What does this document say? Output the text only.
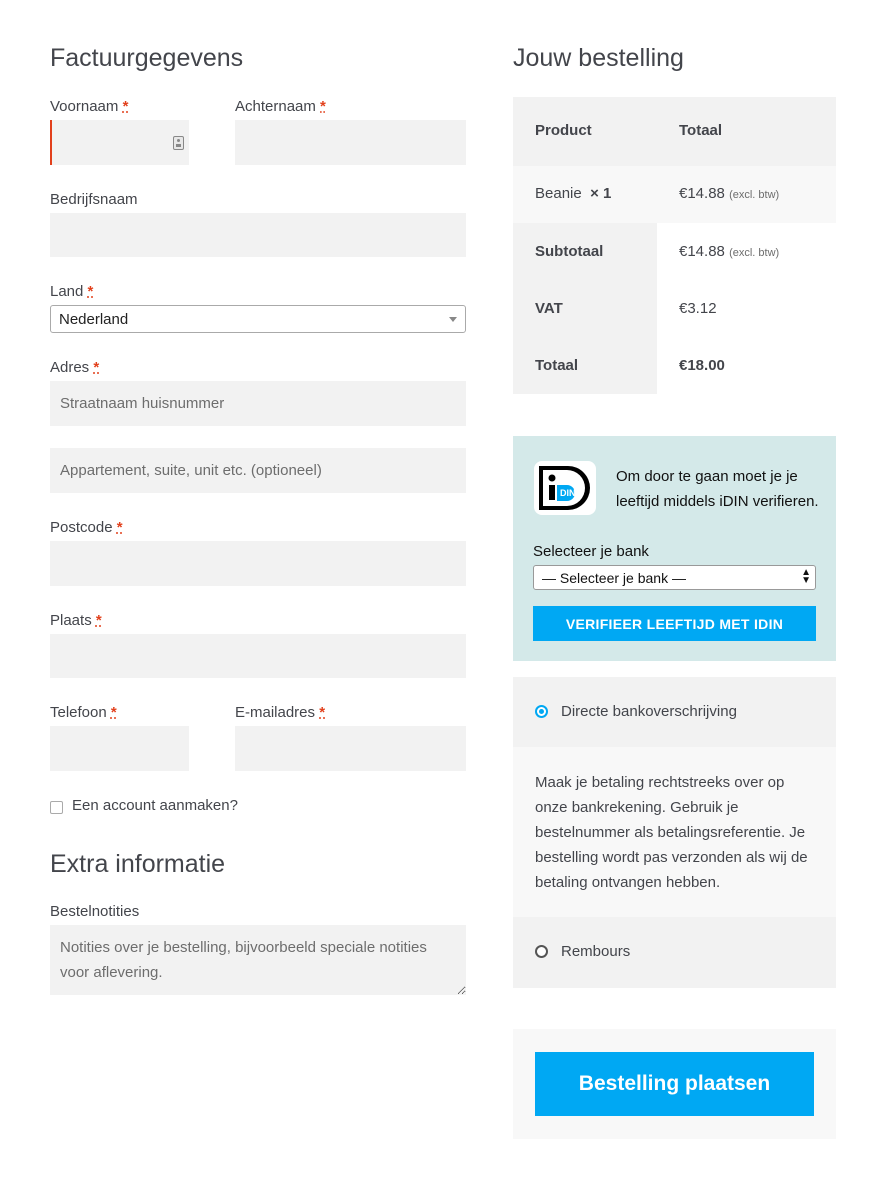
Factuurgegevens
Voornaam *	Achternaam *
Bedrijfsnaam
Land *
Nederland
Adres *
Straatnaam huisnummer
Appartement, suite, unit etc. (optioneel)
Postcode *
Plaats *
Telefoon *	E-mailadres *
Een account aanmaken?
Extra informatie
Bestelnotities
Notities over je bestelling, bijvoorbeeld speciale notities voor aflevering.
Jouw bestelling
Product	Totaal
Beanie × 1	€14.88 (excl. btw)
Subtotaal	€14.88 (excl. btw)
VAT	€3.12
Totaal	€18.00
DIN
Om door te gaan moet je je leeftijd middels iDIN verifieren.
Selecteer je bank
— Selecteer je bank —	▲
▼
VERIFIEER LEEFTIJD MET IDIN
Directe bankoverschrijving
Maak je betaling rechtstreeks over op onze bankrekening. Gebruik je bestelnummer als betalingsreferentie. Je bestelling wordt pas verzonden als wij de betaling ontvangen hebben.
Rembours
Bestelling plaatsen
